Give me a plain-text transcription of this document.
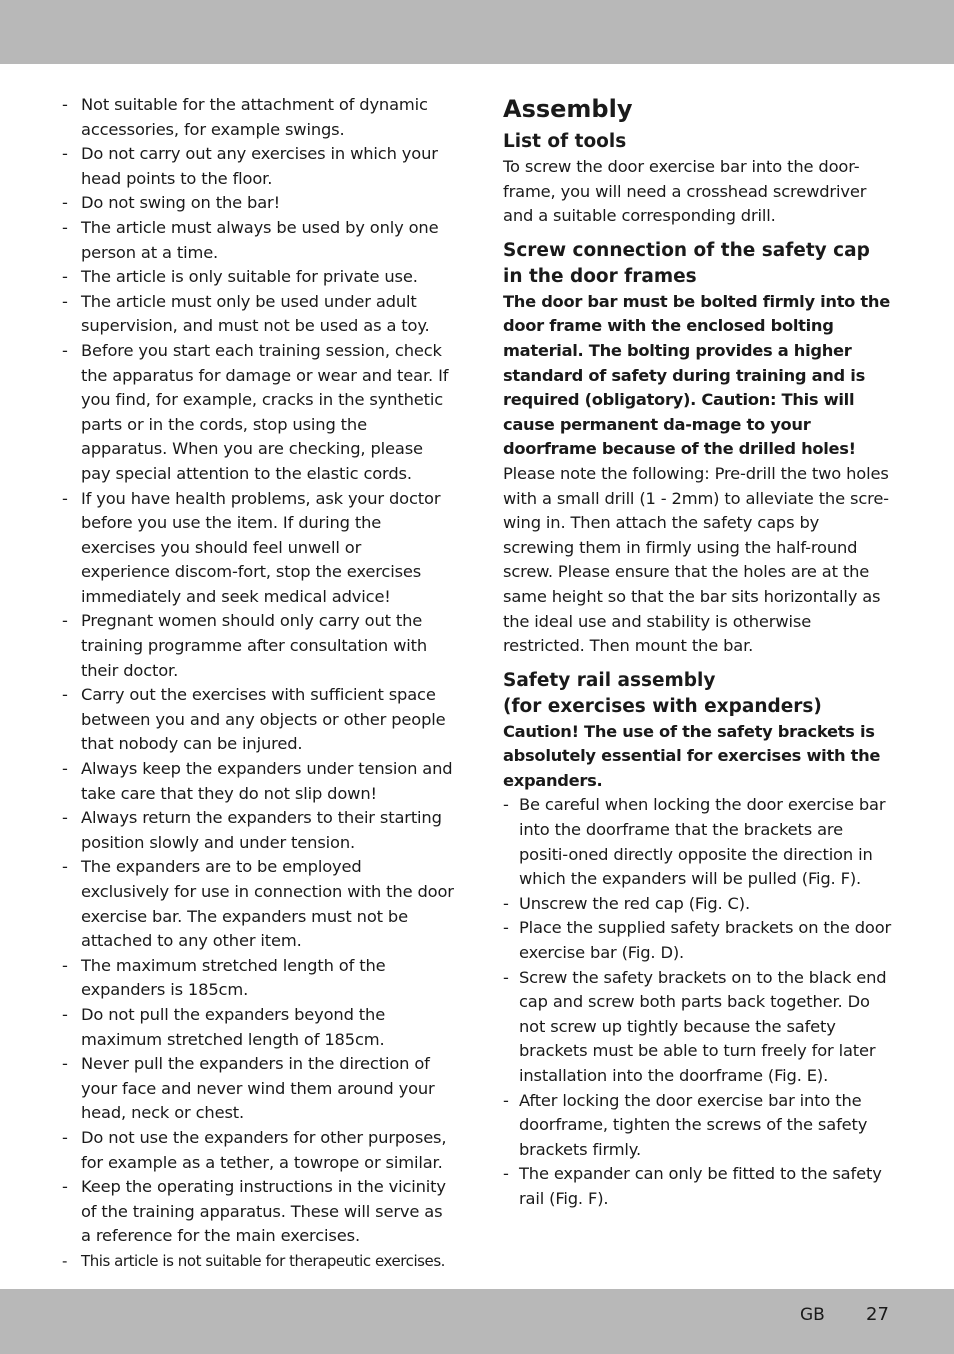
- Not suitable for the attachment of dynamic accessories, for example swings.
- Do not carry out any exercises in which your head points to the floor.
- Do not swing on the bar!
- The article must always be used by only one person at a time.
- The article is only suitable for private use.
- The article must only be used under adult supervision, and must not be used as a toy.
- Before you start each training session, check the apparatus for damage or wear and tear. If you find, for example, cracks in the synthetic parts or in the cords, stop using the apparatus. When you are checking, please pay special attention to the elastic cords.
- If you have health problems, ask your doctor before you use the item. If during the exercises you should feel unwell or experience discom-fort, stop the exercises immediately and seek medical advice!
- Pregnant women should only carry out the training programme after consultation with their doctor.
- Carry out the exercises with sufficient space between you and any objects or other people that nobody can be injured.
- Always keep the expanders under tension and take care that they do not slip down!
- Always return the expanders to their starting position slowly and under tension.
- The expanders are to be employed exclusively for use in connection with the door exercise bar. The expanders must not be attached to any other item.
- The maximum stretched length of the expanders is 185cm.
- Do not pull the expanders beyond the maximum stretched length of 185cm.
- Never pull the expanders in the direction of your face and never wind them around your head, neck or chest.
- Do not use the expanders for other purposes, for example as a tether, a towrope or similar.
- Keep the operating instructions in the vicinity of the training apparatus. These will serve as a reference for the main exercises.
- This article is not suitable for therapeutic exercises.
Assembly
List of tools

To screw the door exercise bar into the door-frame, you will need a crosshead screwdriver and a suitable corresponding drill.

Screw connection of the safety cap in the door frames

The door bar must be bolted firmly into the door frame with the enclosed bolting material. The bolting provides a higher standard of safety during training and is required (obligatory). Caution: This will cause permanent da-mage to your doorframe because of the drilled holes!

Please note the following: Pre-drill the two holes with a small drill (1 - 2mm) to alleviate the scre-wing in. Then attach the safety caps by screwing them in firmly using the half-round screw. Please ensure that the holes are at the same height so that the bar sits horizontally as the ideal use and stability is otherwise restricted. Then mount the bar.

Safety rail assembly
(for exercises with expanders)

Caution! The use of the safety brackets is absolutely essential for exercises with the expanders.

- Be careful when locking the door exercise bar into the doorframe that the brackets are positi-oned directly opposite the direction in which the expanders will be pulled (Fig. F).
- Unscrew the red cap (Fig. C).
- Place the supplied safety brackets on the door exercise bar (Fig. D).
- Screw the safety brackets on to the black end cap and screw both parts back together. Do not screw up tightly because the safety brackets must be able to turn freely for later installation into the doorframe (Fig. E).
- After locking the door exercise bar into the doorframe, tighten the screws of the safety brackets firmly.
- The expander can only be fitted to the safety rail (Fig. F).
GB 27
